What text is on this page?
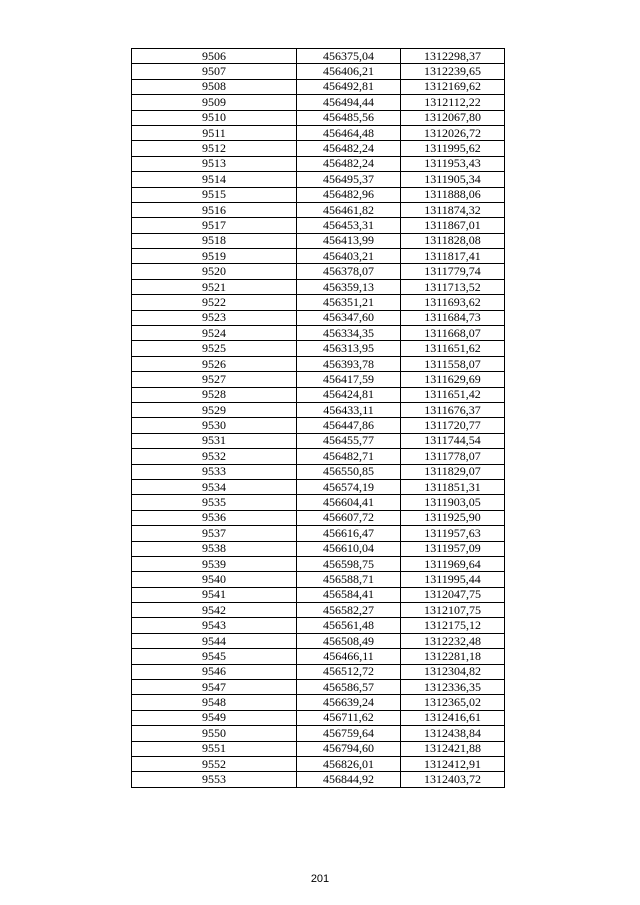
9506	456375,04	1312298,37
9507	456406,21	1312239,65
9508	456492,81	1312169,62
9509	456494,44	1312112,22
9510	456485,56	1312067,80
9511	456464,48	1312026,72
9512	456482,24	1311995,62
9513	456482,24	1311953,43
9514	456495,37	1311905,34
9515	456482,96	1311888,06
9516	456461,82	1311874,32
9517	456453,31	1311867,01
9518	456413,99	1311828,08
9519	456403,21	1311817,41
9520	456378,07	1311779,74
9521	456359,13	1311713,52
9522	456351,21	1311693,62
9523	456347,60	1311684,73
9524	456334,35	1311668,07
9525	456313,95	1311651,62
9526	456393,78	1311558,07
9527	456417,59	1311629,69
9528	456424,81	1311651,42
9529	456433,11	1311676,37
9530	456447,86	1311720,77
9531	456455,77	1311744,54
9532	456482,71	1311778,07
9533	456550,85	1311829,07
9534	456574,19	1311851,31
9535	456604,41	1311903,05
9536	456607,72	1311925,90
9537	456616,47	1311957,63
9538	456610,04	1311957,09
9539	456598,75	1311969,64
9540	456588,71	1311995,44
9541	456584,41	1312047,75
9542	456582,27	1312107,75
9543	456561,48	1312175,12
9544	456508,49	1312232,48
9545	456466,11	1312281,18
9546	456512,72	1312304,82
9547	456586,57	1312336,35
9548	456639,24	1312365,02
9549	456711,62	1312416,61
9550	456759,64	1312438,84
9551	456794,60	1312421,88
9552	456826,01	1312412,91
9553	456844,92	1312403,72
201
